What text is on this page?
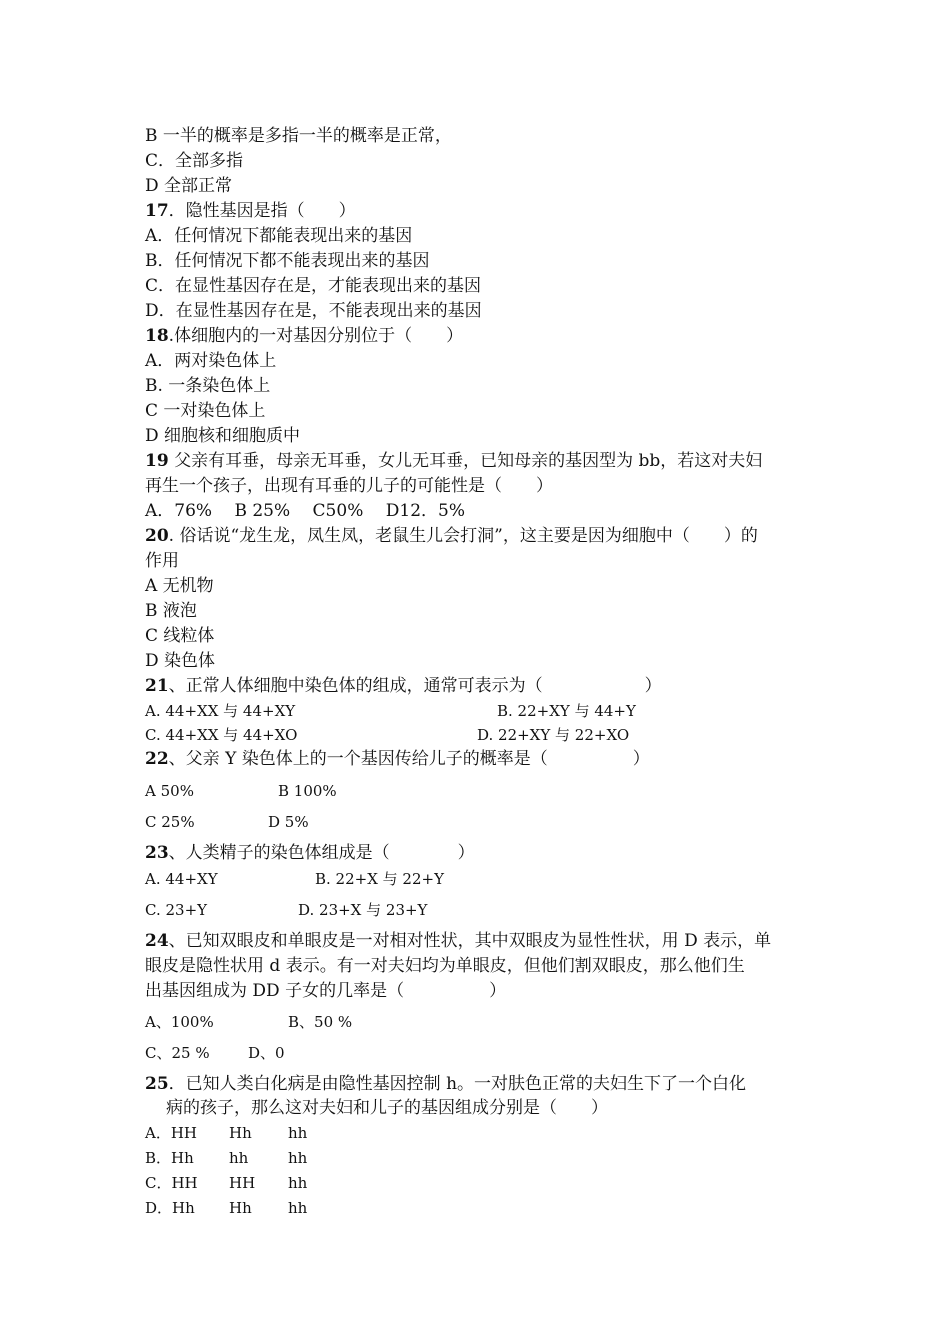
B 一半的概率是多指一半的概率是正常，
C．全部多指
D 全部正常
17．隐性基因是指（　　）
A．任何情况下都能表现出来的基因
B．任何情况下都不能表现出来的基因
C．在显性基因存在是，才能表现出来的基因
D．在显性基因存在是，不能表现出来的基因
18.体细胞内的一对基因分别位于（　　）
A．两对染色体上
B. 一条染色体上
C 一对染色体上
D 细胞核和细胞质中
19 父亲有耳垂，母亲无耳垂，女儿无耳垂，已知母亲的基因型为 bb，若这对夫妇
再生一个孩子，出现有耳垂的儿子的可能性是（　　）
A．76%　 B 25%　 C50%　 D12．5%
20. 俗话说“龙生龙，凤生凤，老鼠生儿会打洞”，这主要是因为细胞中（　　）的
作用
A 无机物
B 液泡
C 线粒体
D 染色体
21、正常人体细胞中染色体的组成，通常可表示为（　　　　　　）
A. 44+XX 与 44+XY	B. 22+XY 与 44+Y
C. 44+XX 与 44+XO	D. 22+XY 与 22+XO
22、父亲 Y 染色体上的一个基因传给儿子的概率是（　　　　　）
A 50%	B 100%
C 25%	D 5%
23、人类精子的染色体组成是（　　　　）
A. 44+XY	B. 22+X 与 22+Y
C. 23+Y	D. 23+X 与 23+Y
24、已知双眼皮和单眼皮是一对相对性状，其中双眼皮为显性性状，用 D 表示，单
眼皮是隐性状用 d 表示。有一对夫妇均为单眼皮，但他们割双眼皮，那么他们生
出基因组成为 DD 子女的几率是（　　　　　）
A、100%	B、50 %
C、25 %	D、0
25．已知人类白化病是由隐性基因控制 h。一对肤色正常的夫妇生下了一个白化
病的孩子，那么这对夫妇和儿子的基因组成分别是（　　）
A．HH Hh hh
B．Hh hh	hh
C．HH HH hh
D．Hh Hh hh
